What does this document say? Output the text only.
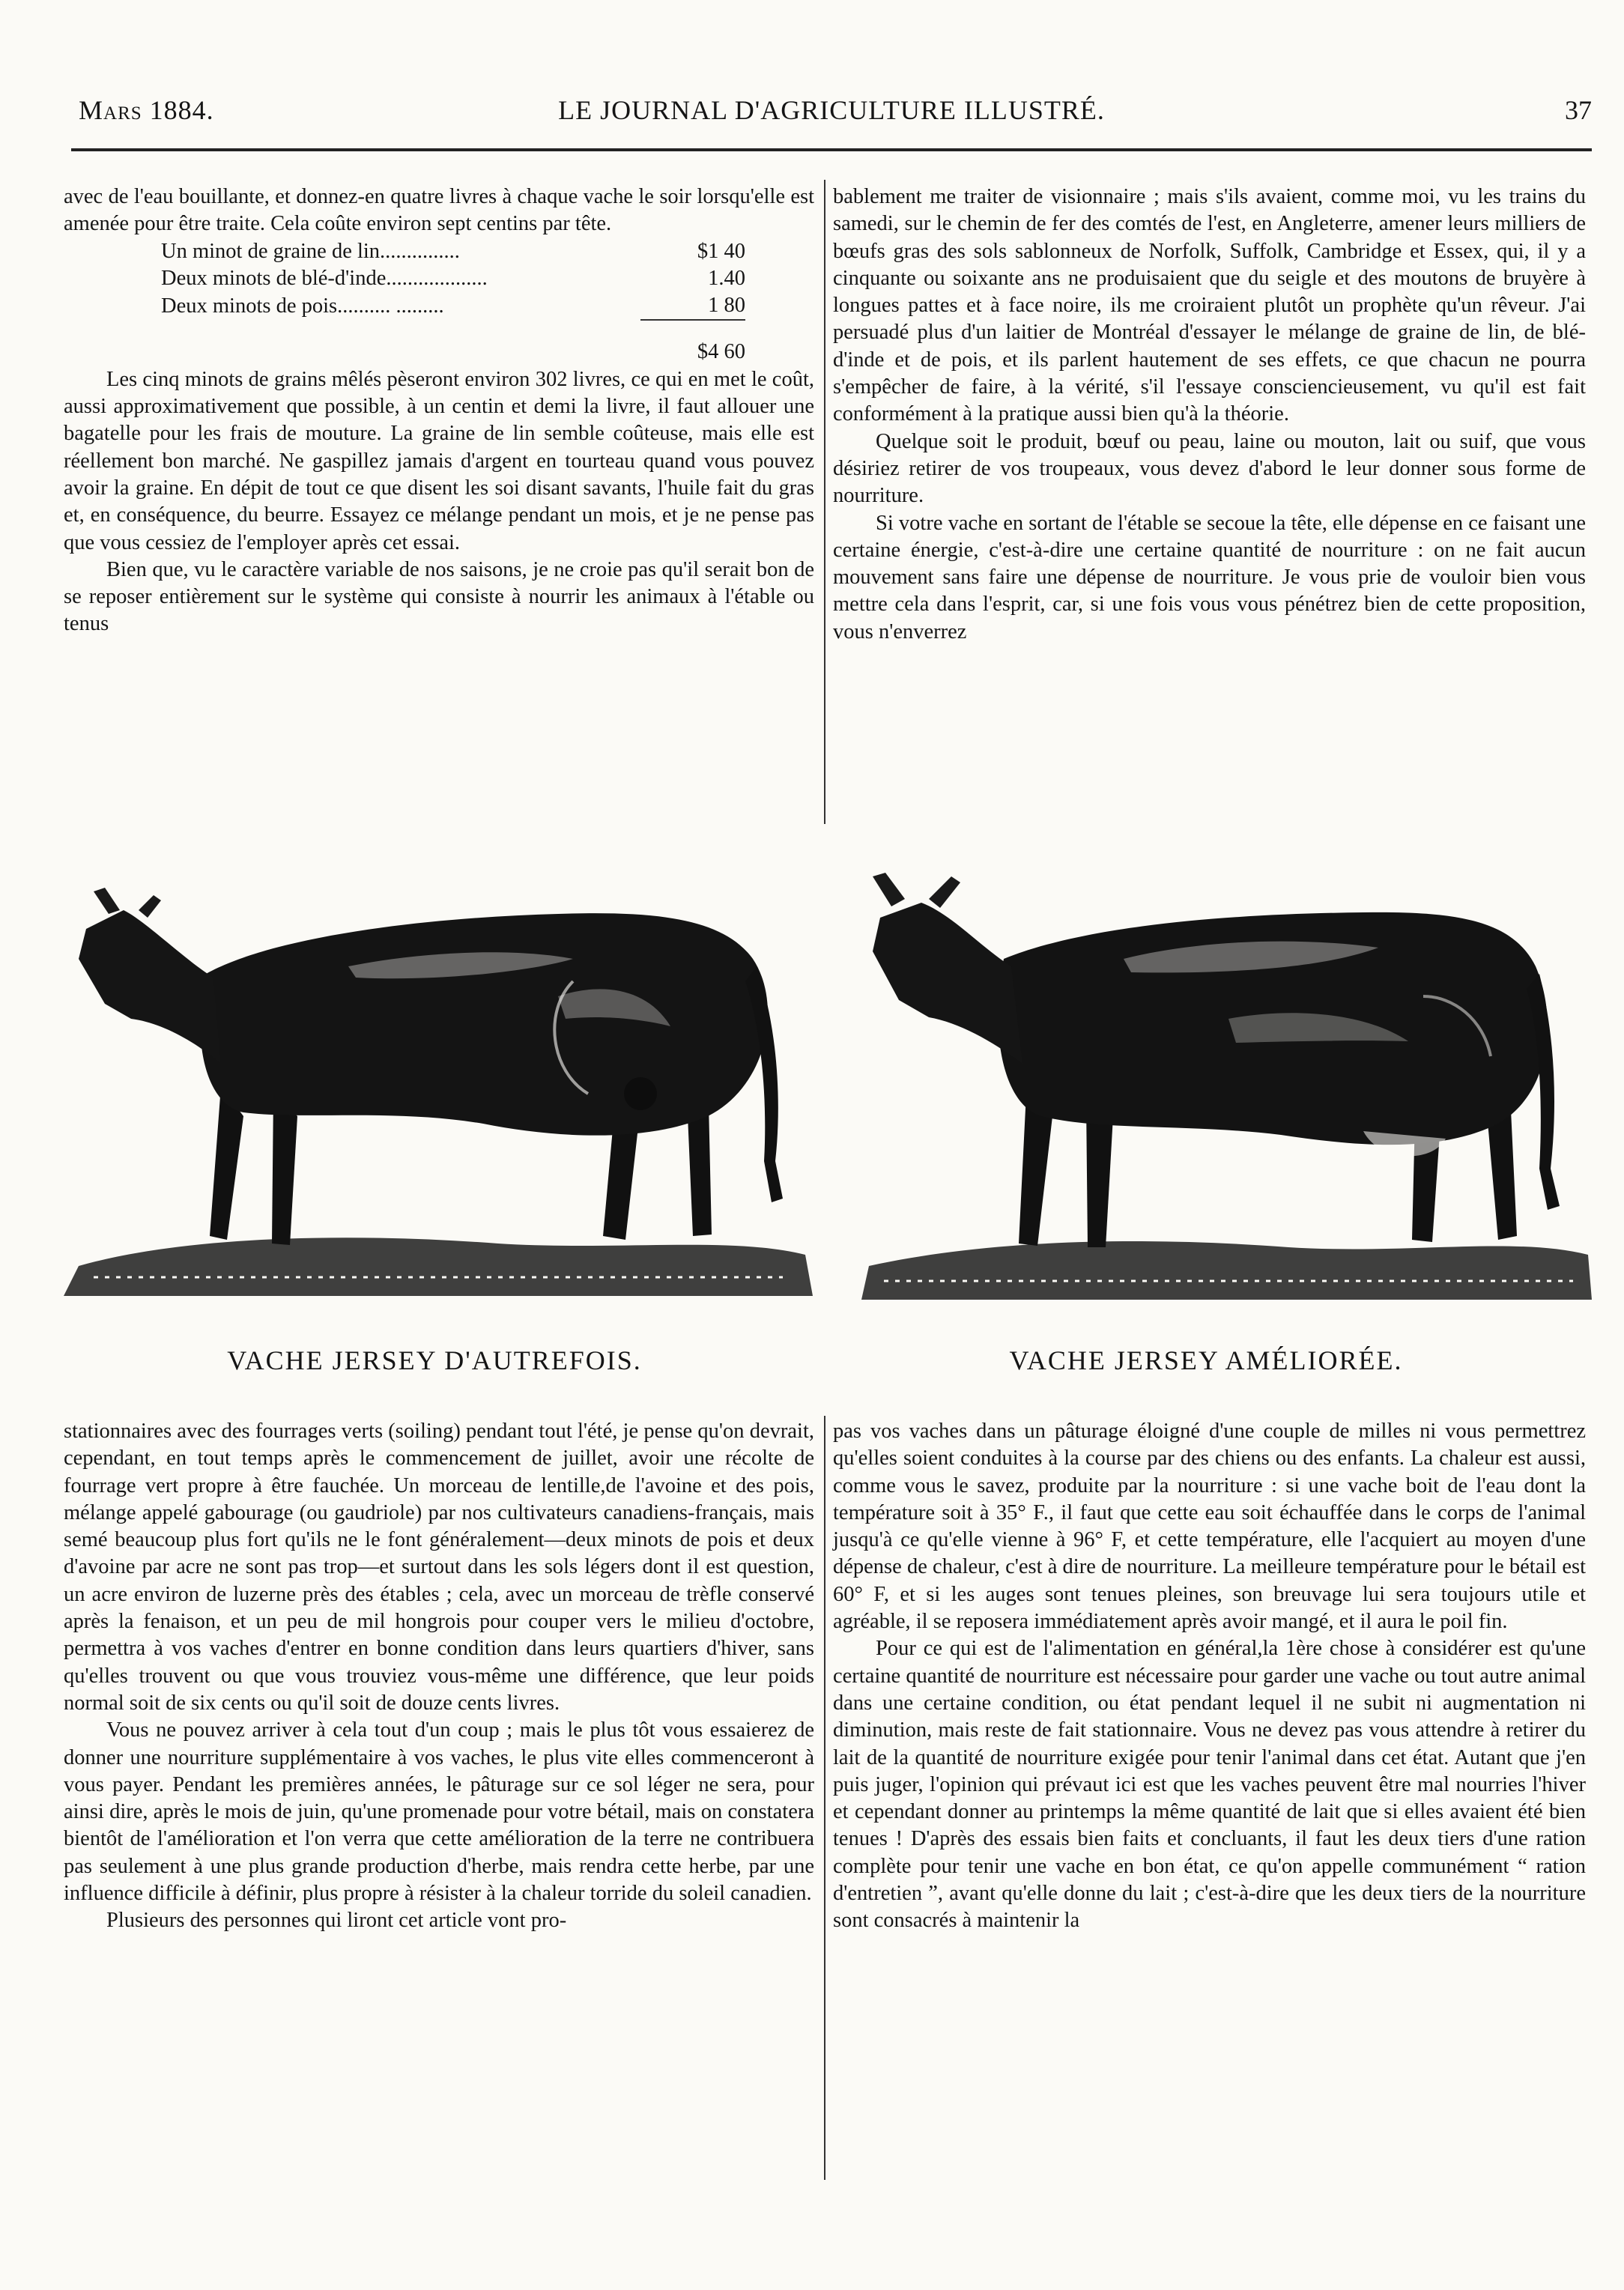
Mars 1884.	LE JOURNAL D'AGRICULTURE ILLUSTRÉ.	37

avec de l'eau bouillante, et donnez-en quatre livres à chaque vache le soir lorsqu'elle est amenée pour être traite. Cela coûte environ sept centins par tête.

Un minot de graine de lin...............	$1 40
Deux minots de blé-d'inde...................	1.40
Deux minots de pois.......... .........	1 80
	$4 60

Les cinq minots de grains mêlés pèseront environ 302 livres, ce qui en met le coût, aussi approximativement que possible, à un centin et demi la livre, il faut allouer une bagatelle pour les frais de mouture. La graine de lin semble coûteuse, mais elle est réellement bon marché. Ne gaspillez jamais d'argent en tourteau quand vous pouvez avoir la graine. En dépit de tout ce que disent les soi disant savants, l'huile fait du gras et, en conséquence, du beurre. Essayez ce mélange pendant un mois, et je ne pense pas que vous cessiez de l'employer après cet essai.

Bien que, vu le caractère variable de nos saisons, je ne croie pas qu'il serait bon de se reposer entièrement sur le système qui consiste à nourrir les animaux à l'étable ou tenus

bablement me traiter de visionnaire ; mais s'ils avaient, comme moi, vu les trains du samedi, sur le chemin de fer des comtés de l'est, en Angleterre, amener leurs milliers de bœufs gras des sols sablonneux de Norfolk, Suffolk, Cambridge et Essex, qui, il y a cinquante ou soixante ans ne produisaient que du seigle et des moutons de bruyère à longues pattes et à face noire, ils me croiraient plutôt un prophète qu'un rêveur. J'ai persuadé plus d'un laitier de Montréal d'essayer le mélange de graine de lin, de blé-d'inde et de pois, et ils parlent hautement de ses effets, ce que chacun ne pourra s'empêcher de faire, à la vérité, s'il l'essaye consciencieusement, vu qu'il est fait conformément à la pratique aussi bien qu'à la théorie.

Quelque soit le produit, bœuf ou peau, laine ou mouton, lait ou suif, que vous désiriez retirer de vos troupeaux, vous devez d'abord le leur donner sous forme de nourriture.

Si votre vache en sortant de l'étable se secoue la tête, elle dépense en ce faisant une certaine énergie, c'est-à-dire une certaine quantité de nourriture : on ne fait aucun mouvement sans faire une dépense de nourriture. Je vous prie de vouloir bien vous mettre cela dans l'esprit, car, si une fois vous vous pénétrez bien de cette proposition, vous n'enverrez

VACHE JERSEY D'AUTREFOIS.	VACHE JERSEY AMÉLIORÉE.

stationnaires avec des fourrages verts (soiling) pendant tout l'été, je pense qu'on devrait, cependant, en tout temps après le commencement de juillet, avoir une récolte de fourrage vert propre à être fauchée. Un morceau de lentille,de l'avoine et des pois, mélange appelé gabourage (ou gaudriole) par nos cultivateurs canadiens-français, mais semé beaucoup plus fort qu'ils ne le font généralement—deux minots de pois et deux d'avoine par acre ne sont pas trop—et surtout dans les sols légers dont il est question, un acre environ de luzerne près des étables ; cela, avec un morceau de trèfle conservé après la fenaison, et un peu de mil hongrois pour couper vers le milieu d'octobre, permettra à vos vaches d'entrer en bonne condition dans leurs quartiers d'hiver, sans qu'elles trouvent ou que vous trouviez vous-même une différence, que leur poids normal soit de six cents ou qu'il soit de douze cents livres.

Vous ne pouvez arriver à cela tout d'un coup ; mais le plus tôt vous essaierez de donner une nourriture supplémentaire à vos vaches, le plus vite elles commenceront à vous payer. Pendant les premières années, le pâturage sur ce sol léger ne sera, pour ainsi dire, après le mois de juin, qu'une promenade pour votre bétail, mais on constatera bientôt de l'amélioration et l'on verra que cette amélioration de la terre ne contribuera pas seulement à une plus grande production d'herbe, mais rendra cette herbe, par une influence difficile à définir, plus propre à résister à la chaleur torride du soleil canadien.

Plusieurs des personnes qui liront cet article vont pro-

pas vos vaches dans un pâturage éloigné d'une couple de milles ni vous permettrez qu'elles soient conduites à la course par des chiens ou des enfants. La chaleur est aussi, comme vous le savez, produite par la nourriture : si une vache boit de l'eau dont la température soit à 35° F., il faut que cette eau soit échauffée dans le corps de l'animal jusqu'à ce qu'elle vienne à 96° F, et cette température, elle l'acquiert au moyen d'une dépense de chaleur, c'est à dire de nourriture. La meilleure température pour le bétail est 60° F, et si les auges sont tenues pleines, son breuvage lui sera toujours utile et agréable, il se reposera immédiatement après avoir mangé, et il aura le poil fin.

Pour ce qui est de l'alimentation en général,la 1ère chose à considérer est qu'une certaine quantité de nourriture est nécessaire pour garder une vache ou tout autre animal dans une certaine condition, ou état pendant lequel il ne subit ni augmentation ni diminution, mais reste de fait stationnaire. Vous ne devez pas vous attendre à retirer du lait de la quantité de nourriture exigée pour tenir l'animal dans cet état. Autant que j'en puis juger, l'opinion qui prévaut ici est que les vaches peuvent être mal nourries l'hiver et cependant donner au printemps la même quantité de lait que si elles avaient été bien tenues ! D'après des essais bien faits et concluants, il faut les deux tiers d'une ration complète pour tenir une vache en bon état, ce qu'on appelle communément “ ration d'entretien ”, avant qu'elle donne du lait ; c'est-à-dire que les deux tiers de la nourriture sont consacrés à maintenir la
